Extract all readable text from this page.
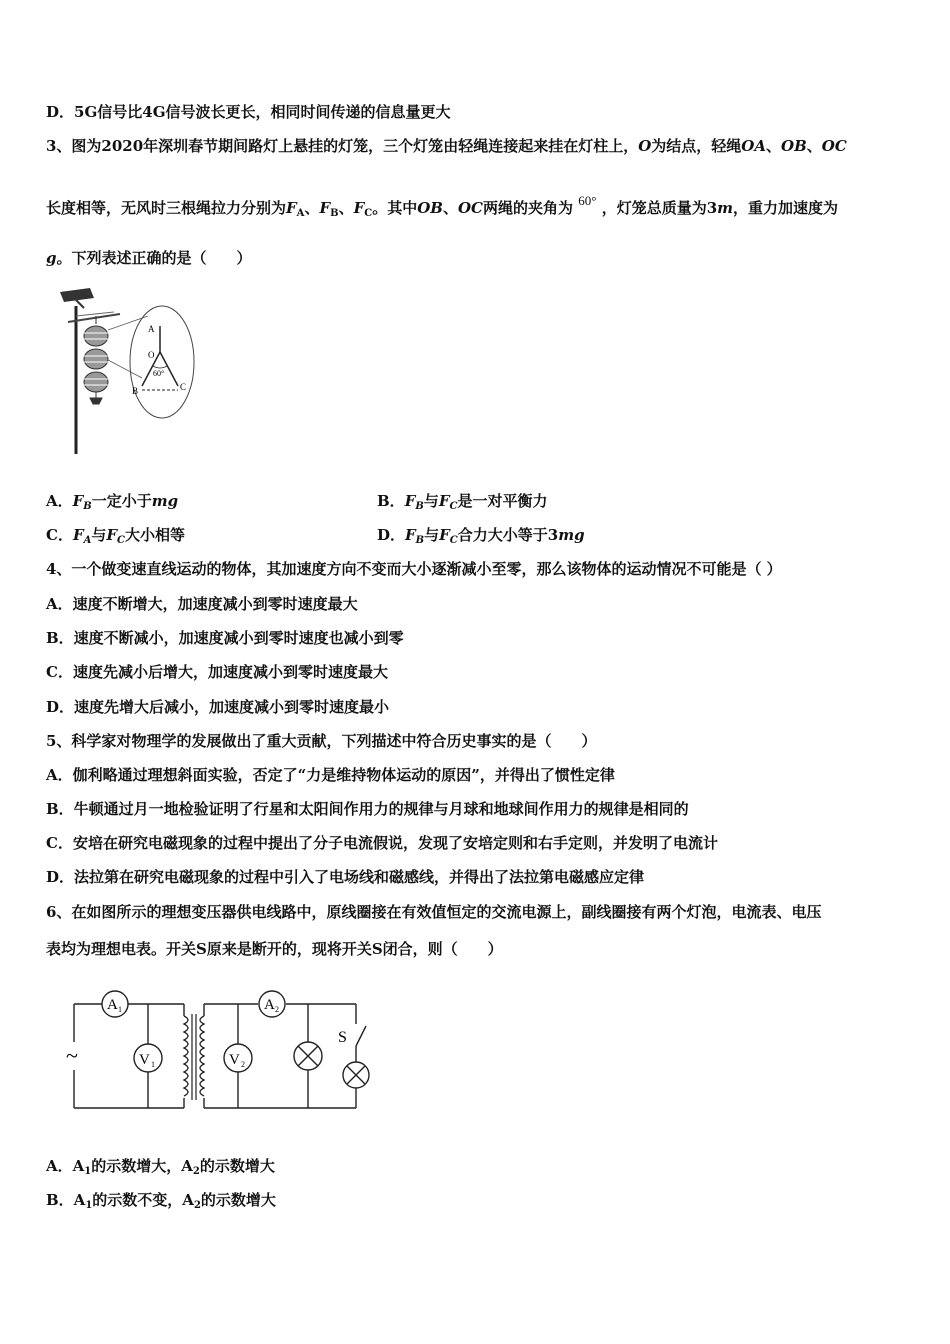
D．5G信号比4G信号波长更长，相同时间传递的信息量更大
3、图为2020年深圳春节期间路灯上悬挂的灯笼，三个灯笼由轻绳连接起来挂在灯柱上，O为结点，轻绳OA、OB、OC
长度相等，无风时三根绳拉力分别为$F_A$、$F_B$、$F_C$。其中OB、OC两绳的夹角为 60° ，灯笼总质量为3m，重力加速度为
g。下列表述正确的是（　　）
A
O
60°
B	C
A．$F_B$一定小于mg	B．$F_B$与$F_C$是一对平衡力
C．$F_A$与$F_C$大小相等	D．$F_B$与$F_C$合力大小等于3mg
4、一个做变速直线运动的物体，其加速度方向不变而大小逐渐减小至零，那么该物体的运动情况不可能是（ ）
A．速度不断增大，加速度减小到零时速度最大
B．速度不断减小，加速度减小到零时速度也减小到零
C．速度先减小后增大，加速度减小到零时速度最大
D．速度先增大后减小，加速度减小到零时速度最小
5、科学家对物理学的发展做出了重大贡献，下列描述中符合历史事实的是（　　）
A．伽利略通过理想斜面实验，否定了“力是维持物体运动的原因”，并得出了惯性定律
B．牛顿通过月一地检验证明了行星和太阳间作用力的规律与月球和地球间作用力的规律是相同的
C．安培在研究电磁现象的过程中提出了分子电流假说，发现了安培定则和右手定则，并发明了电流计
D．法拉第在研究电磁现象的过程中引入了电场线和磁感线，并得出了法拉第电磁感应定律
6、在如图所示的理想变压器供电线路中，原线圈接在有效值恒定的交流电源上，副线圈接有两个灯泡，电流表、电压
表均为理想电表。开关S原来是断开的，现将开关S闭合，则（　　）
~
A 1
V 1
A 2
V 2
S
A．$A_1$的示数增大，$A_2$的示数增大
B．$A_1$的示数不变，$A_2$的示数增大
